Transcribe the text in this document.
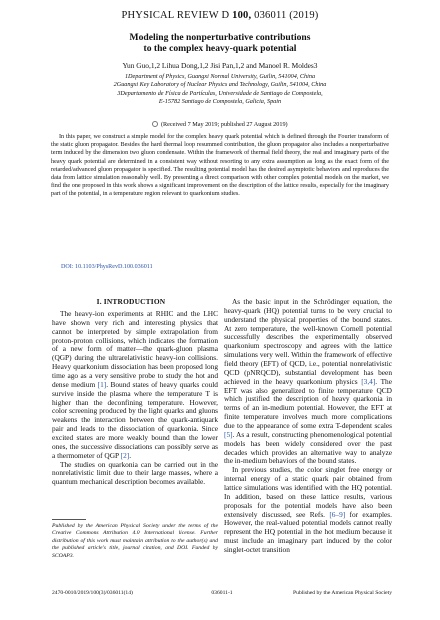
PHYSICAL REVIEW D 100, 036011 (2019)
Modeling the nonperturbative contributions
to the complex heavy-quark potential
Yun Guo,1,2 Lihua Dong,1,2 Jisi Pan,1,2 and Manoel R. Moldes3
1Department of Physics, Guangxi Normal University, Guilin, 541004, China
2Guangxi Key Laboratory of Nuclear Physics and Technology, Guilin, 541004, China
3Departamento de Física de Partículas, Universidade de Santiago de Compostela,
E-15782 Santiago de Compostela, Galicia, Spain
(Received 7 May 2019; published 27 August 2019)

In this paper, we construct a simple model for the complex heavy quark potential which is defined through the Fourier transform of the static gluon propagator. Besides the hard thermal loop resummed contribution, the gluon propagator also includes a nonperturbative term induced by the dimension two gluon condensate. Within the framework of thermal field theory, the real and imaginary parts of the heavy quark potential are determined in a consistent way without resorting to any extra assumption as long as the exact form of the retarded/advanced gluon propagator is specified. The resulting potential model has the desired asymptotic behaviors and reproduces the data from lattice simulation reasonably well. By presenting a direct comparison with other complex potential models on the market, we find the one proposed in this work shows a significant improvement on the description of the lattice results, especially for the imaginary part of the potential, in a temperature region relevant to quarkonium studies.

DOI: 10.1103/PhysRevD.100.036011
I. INTRODUCTION

The heavy-ion experiments at RHIC and the LHC have shown very rich and interesting physics that cannot be interpreted by simple extrapolation from proton-proton collisions, which indicates the formation of a new form of matter—the quark-gluon plasma (QGP) during the ultrarelativistic heavy-ion collisions. Heavy quarkonium dissociation has been proposed long time ago as a very sensitive probe to study the hot and dense medium [1]. Bound states of heavy quarks could survive inside the plasma where the temperature T is higher than the deconfining temperature. However, color screening produced by the light quarks and gluons weakens the interaction between the quark-antiquark pair and leads to the dissociation of quarkonia. Since excited states are more weakly bound than the lower ones, the successive dissociations can possibly serve as a thermometer of QGP [2].

The studies on quarkonia can be carried out in the nonrelativistic limit due to their large masses, where a quantum mechanical description becomes available.

Published by the American Physical Society under the terms of the Creative Commons Attribution 4.0 International license. Further distribution of this work must maintain attribution to the author(s) and the published article's title, journal citation, and DOI. Funded by SCOAP3.

As the basic input in the Schrödinger equation, the heavy-quark (HQ) potential turns to be very crucial to understand the physical properties of the bound states. At zero temperature, the well-known Cornell potential successfully describes the experimentally observed quarkonium spectroscopy and agrees with the lattice simulations very well. Within the framework of effective field theory (EFT) of QCD, i.e., potential nonrelativistic QCD (pNRQCD), substantial development has been achieved in the heavy quarkonium physics [3,4]. The EFT was also generalized to finite temperature QCD which justified the description of heavy quarkonia in terms of an in-medium potential. However, the EFT at finite temperature involves much more complications due to the appearance of some extra T-dependent scales [5]. As a result, constructing phenomenological potential models has been widely considered over the past decades which provides an alternative way to analyze the in-medium behaviors of the bound states.

In previous studies, the color singlet free energy or internal energy of a static quark pair obtained from lattice simulations was identified with the HQ potential. In addition, based on these lattice results, various proposals for the potential models have also been extensively discussed, see Refs. [6–9] for examples. However, the real-valued potential models cannot really represent the HQ potential in the hot medium because it must include an imaginary part induced by the color singlet-octet transition

2470-0010/2019/100(3)/036011(14)	036011-1	Published by the American Physical Society
